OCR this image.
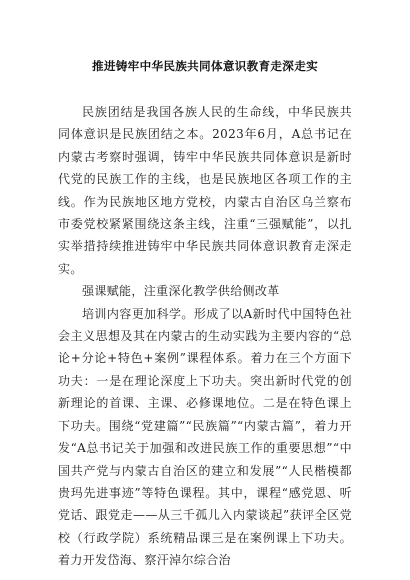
推进铸牢中华民族共同体意识教育走深走实

民族团结是我国各族人民的生命线，中华民族共同体意识是民族团结之本。2023年6月，A总书记在内蒙古考察时强调，铸牢中华民族共同体意识是新时代党的民族工作的主线，也是民族地区各项工作的主线。作为民族地区地方党校，内蒙古自治区乌兰察布市委党校紧紧围绕这条主线，注重“三强赋能”，以扎实举措持续推进铸牢中华民族共同体意识教育走深走实。

强课赋能，注重深化教学供给侧改革

培训内容更加科学。形成了以A新时代中国特色社会主义思想及其在内蒙古的生动实践为主要内容的“总论+分论+特色+案例”课程体系。着力在三个方面下功夫：一是在理论深度上下功夫。突出新时代党的创新理论的首课、主课、必修课地位。二是在特色课上下功夫。围绕“党建篇”“民族篇”“内蒙古篇”，着力开发“A总书记关于加强和改进民族工作的重要思想”“中国共产党与内蒙古自治区的建立和发展”“人民楷模都贵玛先进事迹”等特色课程。其中，课程“感党恩、听党话、跟党走——从三千孤儿入内蒙谈起”获评全区党校（行政学院）系统精品课三是在案例课上下功夫。着力开发岱海、察汗淖尔综合治
